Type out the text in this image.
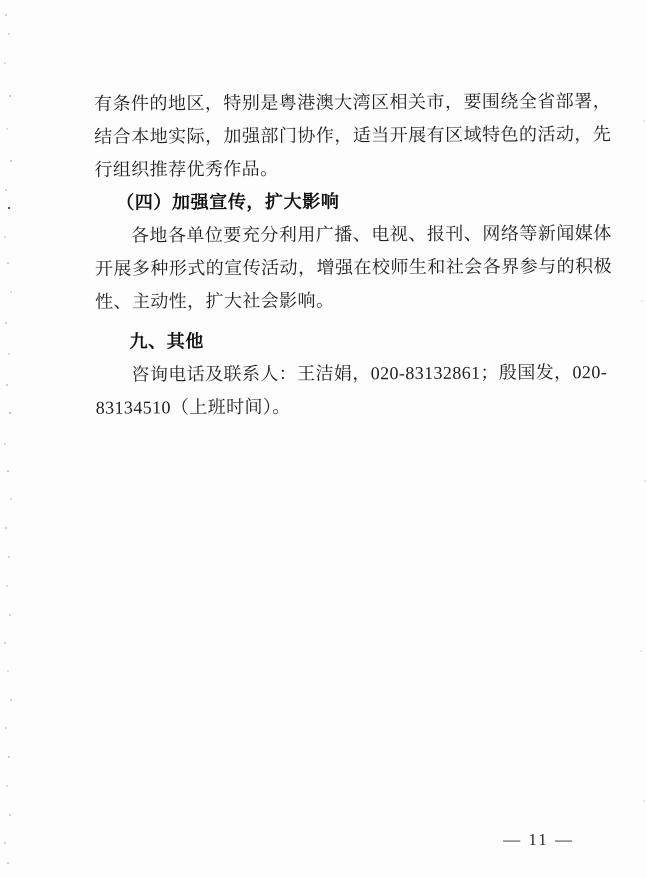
有条件的地区，特别是粤港澳大湾区相关市，要围绕全省部署，结合本地实际，加强部门协作，适当开展有区域特色的活动，先行组织推荐优秀作品。

（四）加强宣传，扩大影响

各地各单位要充分利用广播、电视、报刊、网络等新闻媒体开展多种形式的宣传活动，增强在校师生和社会各界参与的积极性、主动性，扩大社会影响。

九、其他

咨询电话及联系人：王洁娟，020-83132861；殷国发，020-83134510（上班时间）。

— 11 —
